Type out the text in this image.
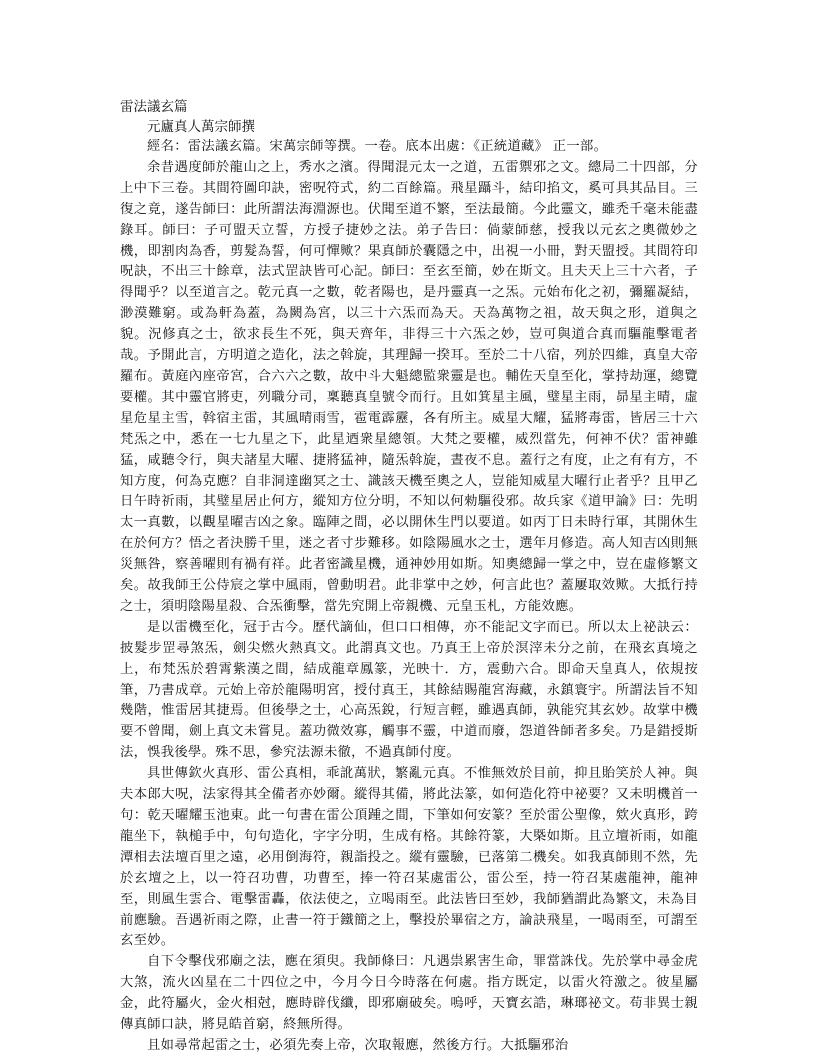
雷法議玄篇

元廬真人萬宗師撰

經名：雷法議玄篇。宋萬宗師等撰。一卷。底本出處：《正統道藏》 正一部。

余昔遇度師於龍山之上，秀水之濱。得聞混元太一之道，五雷禦邪之文。總局二十四部，分上中下三卷。其間符圖印訣，密呪符式，約二百餘篇。飛星躡斗，結印掐文，奚可具其品目。三復之竟，遂告師曰：此所謂法海淵源也。伏聞至道不繁，至法最簡。今此靈文，雖禿千毫未能盡錄耳。師曰：子可盟天立誓，方授子捷妙之法。弟子告曰：倘蒙師慈，授我以元玄之奧微妙之機，即割肉為香，剪髮為誓，何可憚歟？果真師於囊隱之中，出視一小冊，對天盟授。其間符印呪訣，不出三十餘章，法式罡訣皆可心記。師曰：至玄至簡，妙在斯文。且夫天上三十六者，子得聞乎？以至道言之。乾元真一之數，乾者陽也，是丹靈真一之炁。元始布化之初，彌羅凝結，渺漠難窮。或為軒為蓋，為闕為宮，以三十六炁而為天。天為萬物之祖，故天與之形，道與之貌。況修真之士，欲求長生不死，與天齊年，非得三十六炁之妙，豈可與道合真而驅龍擊電者哉。予開此言，方明道之造化，法之斡旋，其理歸一揆耳。至於二十八宿，列於四維，真皇大帝羅布。黃庭內座帝宮，合六六之數，故中斗大魁總監衆靈是也。輔佐天皇至化，掌持劫運，總覽要權。其中靈官將吏，列職分司，稟聽真皇號令而行。且如箕星主風，璧星主雨，昴星主晴，虛星危星主雪，斡宿主雷，其風晴雨雪，雹電霹靂，各有所主。威星大耀，猛將毒雷，皆居三十六梵炁之中，悉在一七九星之下，此星迺衆星總領。大梵之要權，威烈當先，何神不伏？雷神雖猛，咸聽令行，與夫諸星大曜、捷將猛神，隨炁斡旋，晝夜不息。蓋行之有度，止之有有方，不知方度，何為克應？自非洞達幽冥之士、識該天機至奧之人，豈能知威星大曜行止者乎？且甲乙日午時祈雨，其璧星居止何方，縱知方位分明，不知以何勑驅役邪。故兵家《道甲論》曰：先明太一真數，以觀星曜吉凶之象。臨陣之間，必以開休生門以要道。如丙丁日未時行軍，其開休生在於何方？悟之者決勝千里，迷之者寸步難移。如陰陽風水之士，選年月修造。高人知吉凶則無災無咎，察善曜則有禍有祥。此者密識星機，通神妙用如斯。知奧總歸一掌之中，豈在虛修繁文矣。故我師王公侍宸之掌中風雨，曾動明君。此非掌中之妙，何言此也？蓋屢取效歟。大抵行持之士，須明陰陽星殺、合炁衝擊，當先究開上帝親機、元皇玉札，方能效應。

是以雷機至化，冠于古今。歷代謫仙，但口口相傳，亦不能記文字而已。所以太上祕訣云：披髮步罡尋煞炁，劍尖燃火熱真文。此謂真文也。乃真王上帝於溟滓未分之前，在飛玄真境之上，布梵炁於碧霄紫漢之間，結成龍章鳳篆，光映十．方，震動六合。即命天皇真人，依規按筆，乃書成章。元始上帝於龍陽明宮，授付真王，其餘結賜龍宮海藏，永鎮寰宇。所謂法旨不知幾階，惟雷居其捷焉。但後學之士，心高炁銳，行短言輕，雖遇真師，孰能究其玄妙。故掌中機要不曾聞，劍上真文未嘗見。蓋功微效寡，觸事不靈，中道而廢，怨道咎師者多矣。乃是錯授斯法，悞我後學。殊不思，參究法源未徹，不過真師付度。

具世傳欽火真形、雷公真相，乖訛萬狀，繁亂元真。不惟無效於目前，抑且貽笑於人神。與夫本郎大呪，法家得其全備者亦妙爾。縱得其備，將此法篆，如何造化符中祕要？又未明機首一句：乾天曜耀玉池東。此一句書在雷公頂踵之間，下筆如何安篆？至於雷公聖像，欸火真形，跨龍坐下，執槌手中，句句造化，字字分明，生成有格。其餘符篆，大槩如斯。且立壇祈雨，如龍潭相去法壇百里之遠，必用倒海符，親詣投之。縱有靈驗，已落第二機矣。如我真師則不然，先於玄壇之上，以一符召功曹，功曹至，捧一符召某處雷公，雷公至，持一符召某處龍神，龍神至，則風生雲合、電擊雷轟，依法使之，立喝雨至。此法皆曰至妙，我師猶謂此為繁文，未為目前應驗。吾遇祈雨之際，止書一符于鐵簡之上，擊投於畢宿之方，論訣飛星，一喝雨至，可謂至玄至妙。

自下令擊伐邪廟之法，應在須臾。我師條曰：凡遇祟累害生命，罪當誅伐。先於掌中尋金虎大煞，流火凶星在二十四位之中，今月今日今時落在何處。指方既定，以雷火符激之。彼星屬金，此符屬火，金火相尅，應時辟伐纖，即邪廟破矣。嗚呼，天寶玄誥，琳瑯祕文。苟非異士親傳真師口訣，將見皓首窮，終無所得。

且如尋常起雷之士，必須先奏上帝，次取報應，然後方行。大抵驅邪治
